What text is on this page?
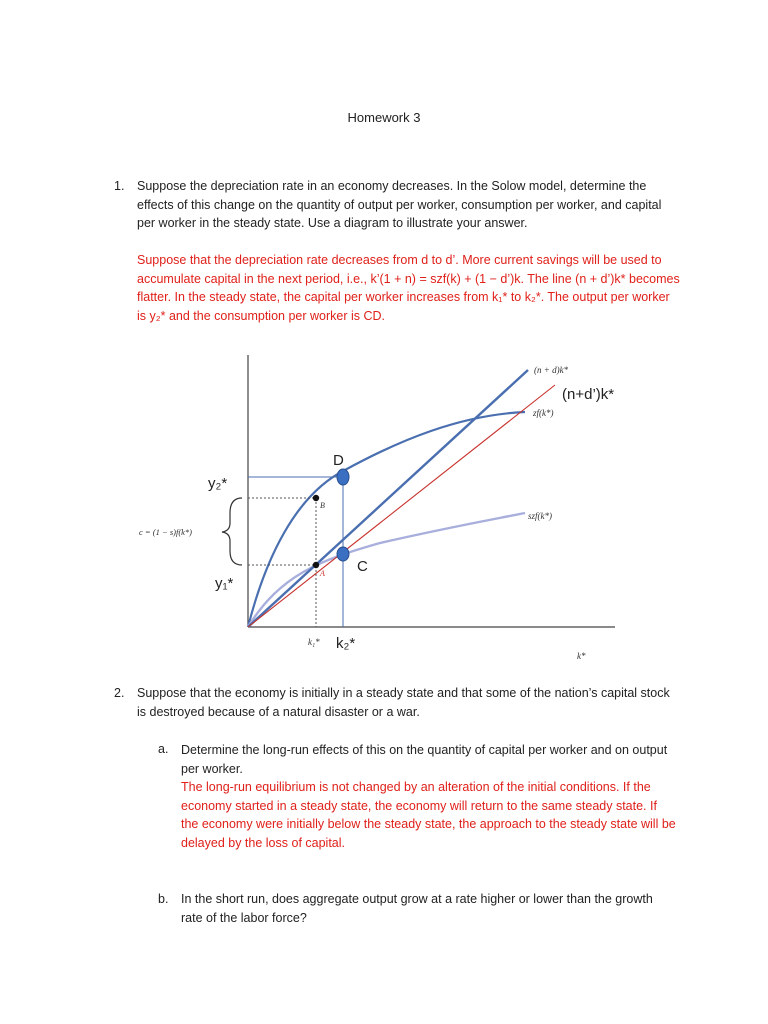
Homework 3
1. Suppose the depreciation rate in an economy decreases. In the Solow model, determine the effects of this change on the quantity of output per worker, consumption per worker, and capital per worker in the steady state. Use a diagram to illustrate your answer.
Suppose that the depreciation rate decreases from d to d’. More current savings will be used to accumulate capital in the next period, i.e., k’(1 + n) = szf(k) + (1 − d’)k. The line (n + d’)k* becomes flatter. In the steady state, the capital per worker increases from k₁* to k₂*. The output per worker is y₂* and the consumption per worker is CD.
(n + d)k*
(n+d’)k*
zf(k*)
szf(k*)
D
C
B
A
y₂*
y₁*
k₁* k₂*
k*
c = (1 − s)f(k*)
2. Suppose that the economy is initially in a steady state and that some of the nation’s capital stock is destroyed because of a natural disaster or a war.
a. Determine the long-run effects of this on the quantity of capital per worker and on output per worker.
The long-run equilibrium is not changed by an alteration of the initial conditions. If the economy started in a steady state, the economy will return to the same steady state. If the economy were initially below the steady state, the approach to the steady state will be delayed by the loss of capital.
b. In the short run, does aggregate output grow at a rate higher or lower than the growth rate of the labor force?
